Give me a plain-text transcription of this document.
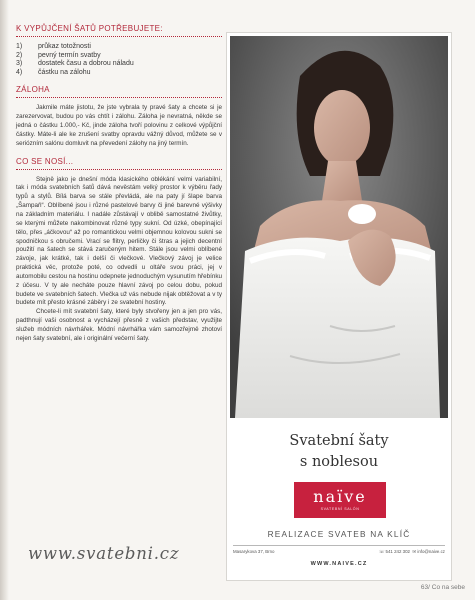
K VYPŮJČENÍ ŠATŮ POTŘEBUJETE:
1)	průkaz totožnosti
2)	pevný termín svatby
3)	dostatek času a dobrou náladu
4)	částku na zálohu
ZÁLOHA

Jakmile máte jistotu, že jste vybrala ty pravé šaty a chcete si je zarezervovat, budou po vás chtít i zálohu. Záloha je nevratná, někde se jedná o částku 1.000,- Kč, jinde záloha tvoří polovinu z celkové výpůjční částky. Máte-li ale ke zrušení svatby opravdu vážný důvod, můžete se v seriózním salónu domluvit na převedení zálohy na jiný termín.

CO SE NOSÍ...

Stejně jako je dnešní móda klasického oblékání velmi variabilní, tak i móda svatebních šatů dává nevěstám velký prostor k výběru řady typů a stylů. Bílá barva se stále převládá, ale na paty jí šlape barva „Šampaň“. Oblíbené jsou i různé pastelové barvy či jiné barevné výšivky na základním materiálu. I nadále zůstávají v oblibě samostatné živůtky, se kterými můžete nakombinovat různé typy sukní. Od úzké, obepínající tělo, přes „áčkovou“ až po romantickou velmi objemnou kolovou sukni se spodničkou s obručemi. Vrací se flitry, perličky či štras a jejich decentní použití na šatech se stává zaručeným hitem. Stále jsou velmi oblíbené závoje, jak krátké, tak i delší či vlečkové. Vlečkový závoj je velice praktická věc, protože poté, co odvedli u oltáře svou práci, jej v automobilu cestou na hostinu odepnete jednoduchým vysunutím hřebínku z účesu. V ty ale necháte pouze hlavní závoj po celou dobu, pokud budete ve svatebních šatech. Vlečka už vás nebude nijak obtěžovat a v ty budete mít přesto krásné záběry i ze svatební hostiny.

Chcete-li mít svatební šaty, které byly stvořeny jen a jen pro vás, padthnují vaši osobnost a vycházejí přesně z vašich představ, využijte služeb módních návrhářek. Módní návrhářka vám samozřejmě zhotoví nejen šaty svatební, ale i originální večerní šaty.

www.svatebni.cz
Svatební šaty
s noblesou
naïve
SVATEBNÍ SALÓN
REALIZACE SVATEB NA KLÍČ
Masarykova 37, Brno	☏ 541 242 302 ✉ info@naive.cz
WWW.NAIVE.CZ
63/ Co na sebe
